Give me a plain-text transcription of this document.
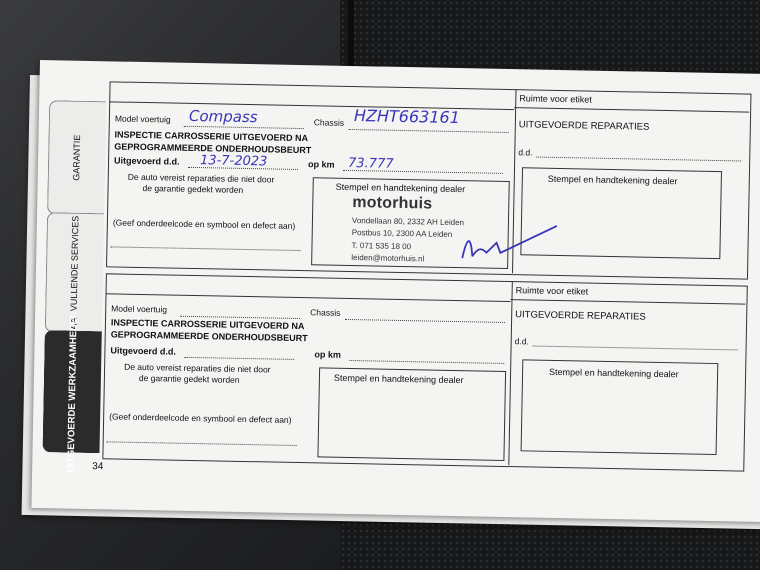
GARANTIE
AANVULLENDE SERVICES
UITGEVOERDE WERKZAAMHEDEN
Ruimte voor etiket
Model voertuig Compass	Chassis HZHT663161
INSPECTIE CARROSSERIE UITGEVOERD NA
GEPROGRAMMEERDE ONDERHOUDSBEURT
Uitgevoerd d.d. 13-7-2023	op km 73.777
De auto vereist reparaties die niet door
de garantie gedekt worden
(Geef onderdeelcode en symbool en defect aan)
Stempel en handtekening dealer
motorhuis
Vondellaan 80, 2332 AH Leiden
Postbus 10, 2300 AA Leiden
T. 071 535 18 00
leiden@motorhuis.nl
UITGEVOERDE REPARATIES
d.d.
Stempel en handtekening dealer
Ruimte voor etiket
Model voertuig	Chassis
INSPECTIE CARROSSERIE UITGEVOERD NA
GEPROGRAMMEERDE ONDERHOUDSBEURT
Uitgevoerd d.d.	op km
De auto vereist reparaties die niet door
de garantie gedekt worden
(Geef onderdeelcode en symbool en defect aan)
Stempel en handtekening dealer
UITGEVOERDE REPARATIES
d.d.
Stempel en handtekening dealer
34
